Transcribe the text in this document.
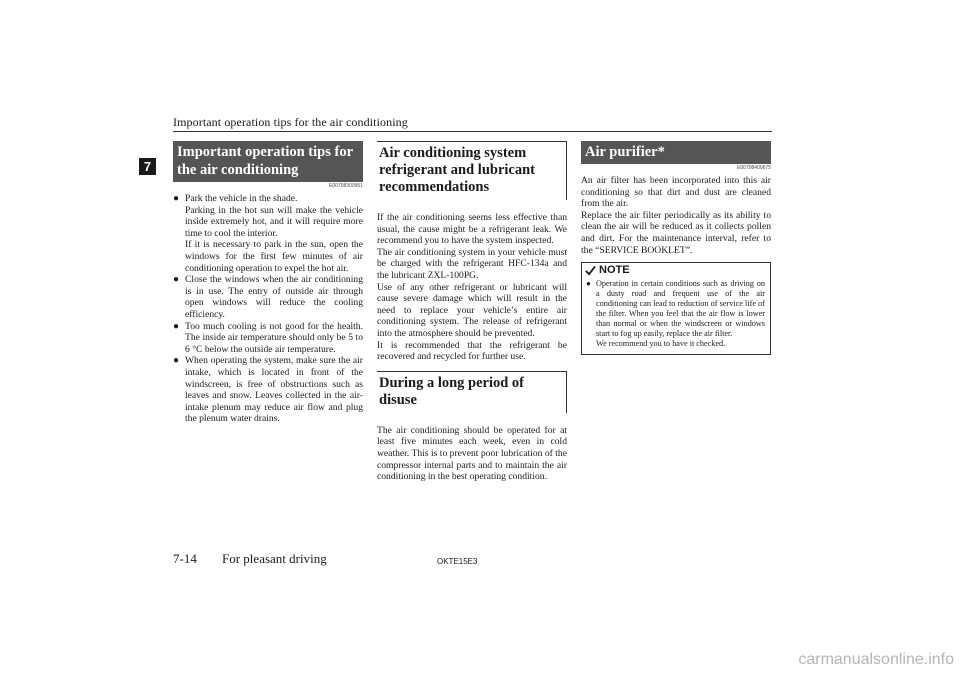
Important operation tips for the air conditioning
7
Important operation tips for the air conditioning
E00708300951
● Park the vehicle in the shade.
Parking in the hot sun will make the vehicle inside extremely hot, and it will require more time to cool the interior.
If it is necessary to park in the sun, open the windows for the first few minutes of air conditioning operation to expel the hot air.
● Close the windows when the air conditioning is in use. The entry of outside air through open windows will reduce the cooling efficiency.
● Too much cooling is not good for the health. The inside air temperature should only be 5 to 6 °C below the outside air temperature.
● When operating the system, make sure the air intake, which is located in front of the windscreen, is free of obstructions such as leaves and snow. Leaves collected in the air-intake plenum may reduce air flow and plug the plenum water drains.
Air conditioning system refrigerant and lubricant recommendations

If the air conditioning seems less effective than usual, the cause might be a refrigerant leak. We recommend you to have the system inspected.

The air conditioning system in your vehicle must be charged with the refrigerant HFC-134a and the lubricant ZXL-100PG.

Use of any other refrigerant or lubricant will cause severe damage which will result in the need to replace your vehicle’s entire air conditioning system. The release of refrigerant into the atmosphere should be prevented.

It is recommended that the refrigerant be recovered and recycled for further use.

During a long period of disuse

The air conditioning should be operated for at least five minutes each week, even in cold weather. This is to prevent poor lubrication of the compressor internal parts and to maintain the air conditioning in the best operating condition.

Air purifier*
E00708400675

An air filter has been incorporated into this air conditioning so that dirt and dust are cleaned from the air.

Replace the air filter periodically as its ability to clean the air will be reduced as it collects pollen and dirt. For the maintenance interval, refer to the “SERVICE BOOKLET”.

NOTE
● Operation in certain conditions such as driving on a dusty road and frequent use of the air conditioning can lead to reduction of service life of the filter. When you feel that the air flow is lower than normal or when the windscreen or windows start to fog up easily, replace the air filter.
We recommend you to have it checked.
7-14 For pleasant driving	OKTE15E3
carmanualsonline.info
